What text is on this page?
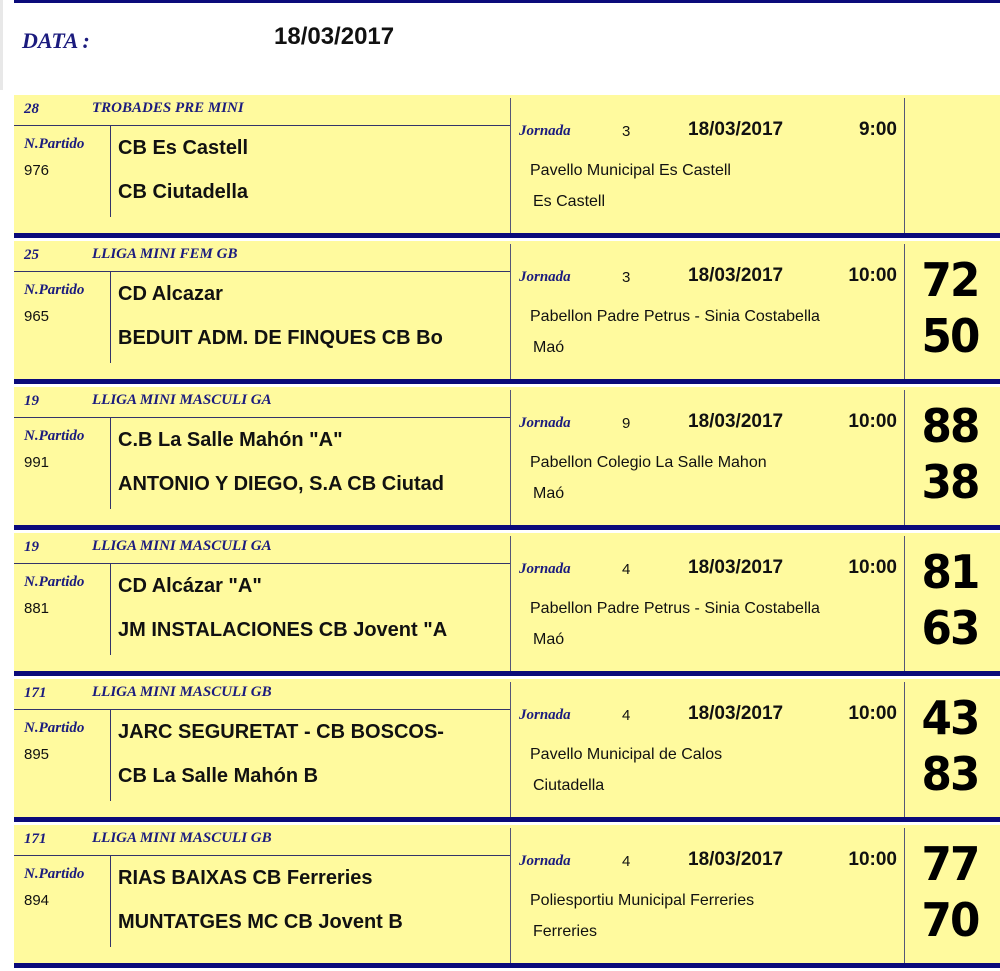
DATA :	18/03/2017
28	TROBADES PRE MINI
N.Partido
976
CB Es Castell
CB Ciutadella
Jornada	3	18/03/2017	9:00
Pavello Municipal Es Castell
Es Castell
25	LLIGA MINI FEM GB
N.Partido
965
CD Alcazar
BEDUIT ADM. DE FINQUES CB Bo
Jornada	3	18/03/2017	10:00
Pabellon Padre Petrus - Sinia Costabella
Maó
72
50
19	LLIGA MINI MASCULI GA
N.Partido
991
C.B La Salle Mahón "A"
ANTONIO Y DIEGO, S.A CB Ciutad
Jornada	9	18/03/2017	10:00
Pabellon Colegio La Salle Mahon
Maó
88
38
19	LLIGA MINI MASCULI GA
N.Partido
881
CD Alcázar "A"
JM INSTALACIONES CB Jovent "A
Jornada	4	18/03/2017	10:00
Pabellon Padre Petrus - Sinia Costabella
Maó
81
63
171	LLIGA MINI MASCULI GB
N.Partido
895
JARC SEGURETAT - CB BOSCOS-
CB La Salle Mahón B
Jornada	4	18/03/2017	10:00
Pavello Municipal de Calos
Ciutadella
43
83
171	LLIGA MINI MASCULI GB
N.Partido
894
RIAS BAIXAS CB Ferreries
MUNTATGES MC CB Jovent B
Jornada	4	18/03/2017	10:00
Poliesportiu Municipal Ferreries
Ferreries
77
70
